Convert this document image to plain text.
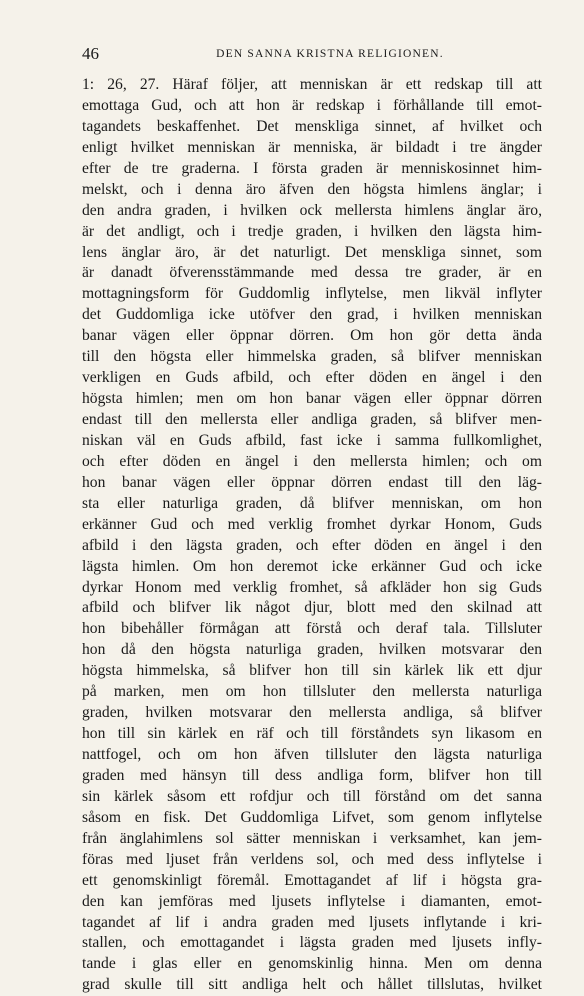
46	DEN SANNA KRISTNA RELIGIONEN.
1: 26, 27. Häraf följer, att menniskan är ett redskap till att
emottaga Gud, och att hon är redskap i förhållande till emot-
tagandets beskaffenhet. Det menskliga sinnet, af hvilket och
enligt hvilket menniskan är menniska, är bildadt i tre ängder
efter de tre graderna. I första graden är menniskosinnet him-
melskt, och i denna äro äfven den högsta himlens änglar; i
den andra graden, i hvilken ock mellersta himlens änglar äro,
är det andligt, och i tredje graden, i hvilken den lägsta him-
lens änglar äro, är det naturligt. Det menskliga sinnet, som
är danadt öfverensstämmande med dessa tre grader, är en
mottagningsform för Guddomlig inflytelse, men likväl inflyter
det Guddomliga icke utöfver den grad, i hvilken menniskan
banar vägen eller öppnar dörren. Om hon gör detta ända
till den högsta eller himmelska graden, så blifver menniskan
verkligen en Guds afbild, och efter döden en ängel i den
högsta himlen; men om hon banar vägen eller öppnar dörren
endast till den mellersta eller andliga graden, så blifver men-
niskan väl en Guds afbild, fast icke i samma fullkomlighet,
och efter döden en ängel i den mellersta himlen; och om
hon banar vägen eller öppnar dörren endast till den läg-
sta eller naturliga graden, då blifver menniskan, om hon
erkänner Gud och med verklig fromhet dyrkar Honom, Guds
afbild i den lägsta graden, och efter döden en ängel i den
lägsta himlen. Om hon deremot icke erkänner Gud och icke
dyrkar Honom med verklig fromhet, så afkläder hon sig Guds
afbild och blifver lik något djur, blott med den skilnad att
hon bibehåller förmågan att förstå och deraf tala. Tillsluter
hon då den högsta naturliga graden, hvilken motsvarar den
högsta himmelska, så blifver hon till sin kärlek lik ett djur
på marken, men om hon tillsluter den mellersta naturliga
graden, hvilken motsvarar den mellersta andliga, så blifver
hon till sin kärlek en räf och till förståndets syn likasom en
nattfogel, och om hon äfven tillsluter den lägsta naturliga
graden med hänsyn till dess andliga form, blifver hon till
sin kärlek såsom ett rofdjur och till förstånd om det sanna
såsom en fisk. Det Guddomliga Lifvet, som genom inflytelse
från änglahimlens sol sätter menniskan i verksamhet, kan jem-
föras med ljuset från verldens sol, och med dess inflytelse i
ett genomskinligt föremål. Emottagandet af lif i högsta gra-
den kan jemföras med ljusets inflytelse i diamanten, emot-
tagandet af lif i andra graden med ljusets inflytande i kri-
stallen, och emottagandet i lägsta graden med ljusets infly-
tande i glas eller en genomskinlig hinna. Men om denna
grad skulle till sitt andliga helt och hållet tillslutas, hvilket
